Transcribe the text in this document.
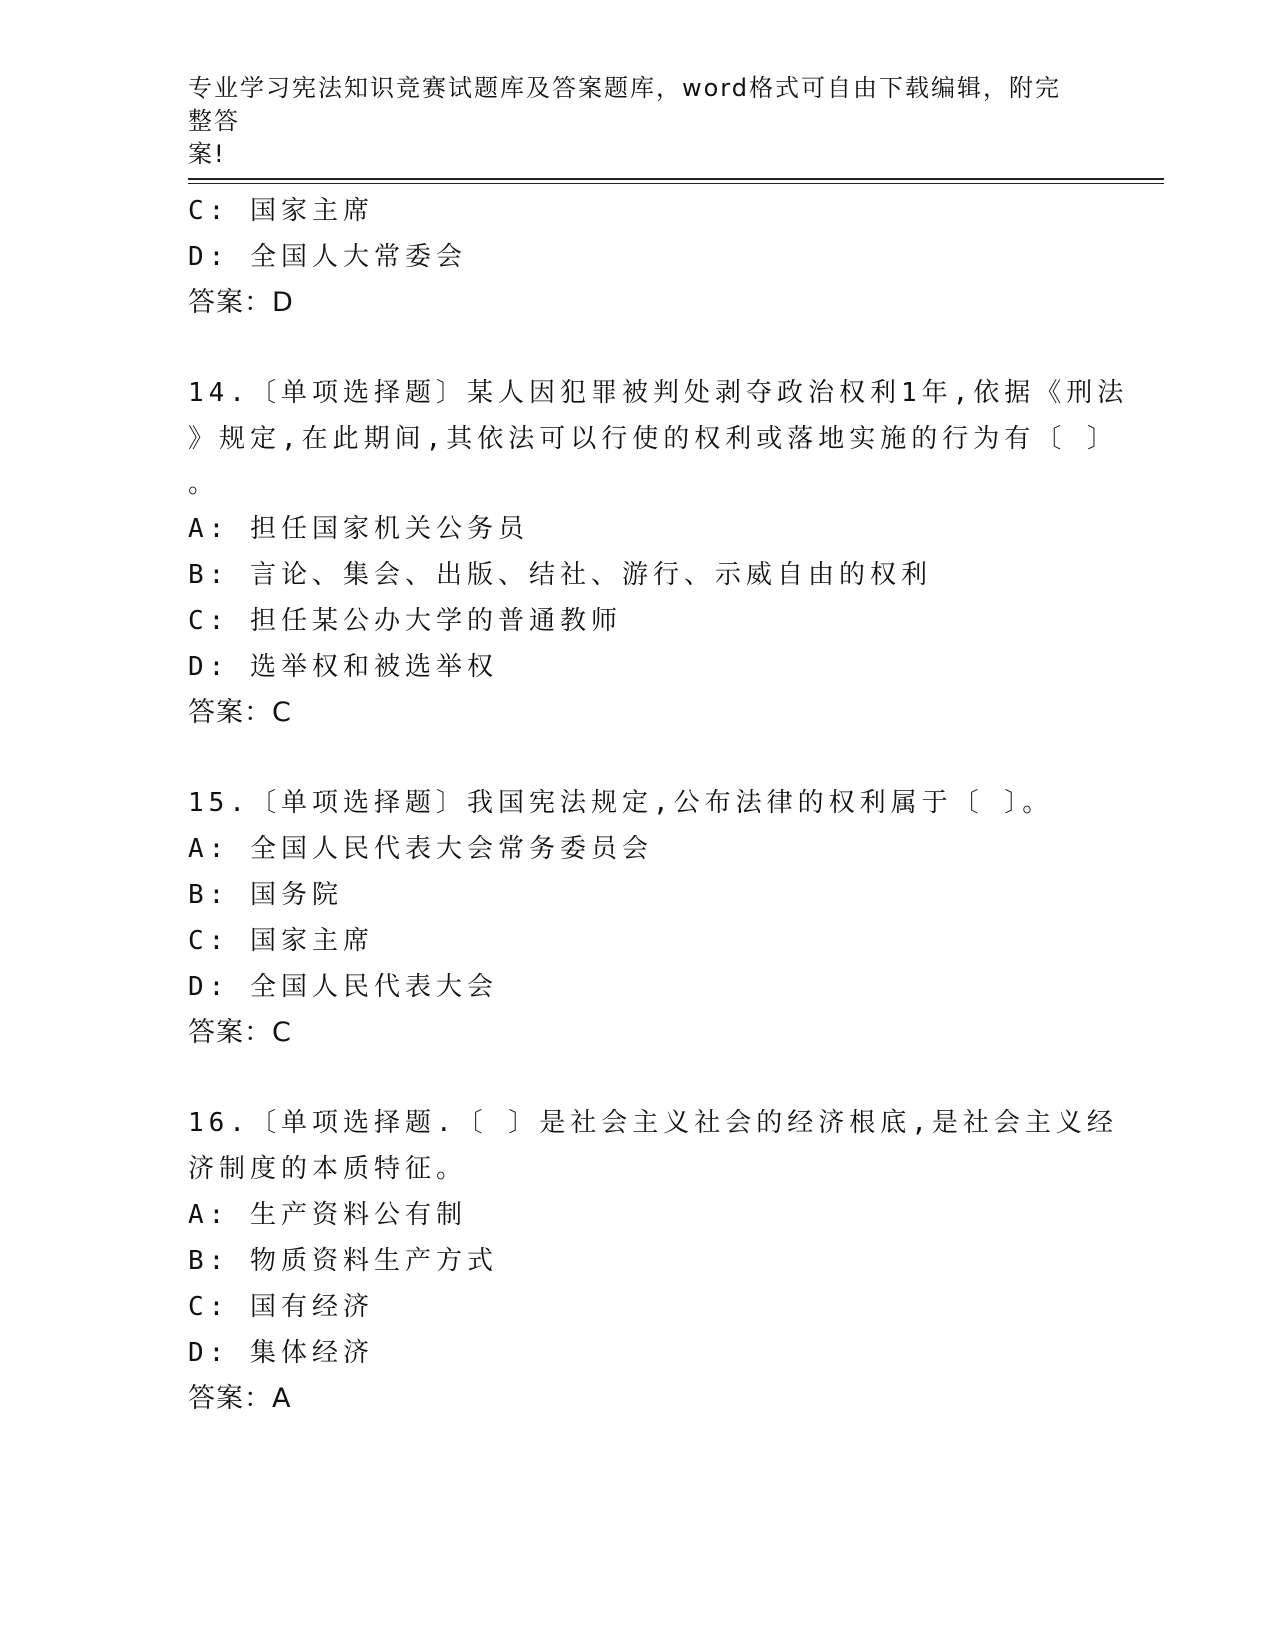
专业学习宪法知识竞赛试题库及答案题库，word格式可自由下载编辑，附完整答
案!
C: 国家主席
D: 全国人大常委会
答案：D
14.〔单项选择题〕某人因犯罪被判处剥夺政治权利1年,依据《刑法
》规定,在此期间,其依法可以行使的权利或落地实施的行为有〔 〕
。
A: 担任国家机关公务员
B: 言论、集会、出版、结社、游行、示威自由的权利
C: 担任某公办大学的普通教师
D: 选举权和被选举权
答案：C
15.〔单项选择题〕我国宪法规定,公布法律的权利属于〔 〕。
A: 全国人民代表大会常务委员会
B: 国务院
C: 国家主席
D: 全国人民代表大会
答案：C
16.〔单项选择题.〔 〕是社会主义社会的经济根底,是社会主义经
济制度的本质特征。
A: 生产资料公有制
B: 物质资料生产方式
C: 国有经济
D: 集体经济
答案：A
